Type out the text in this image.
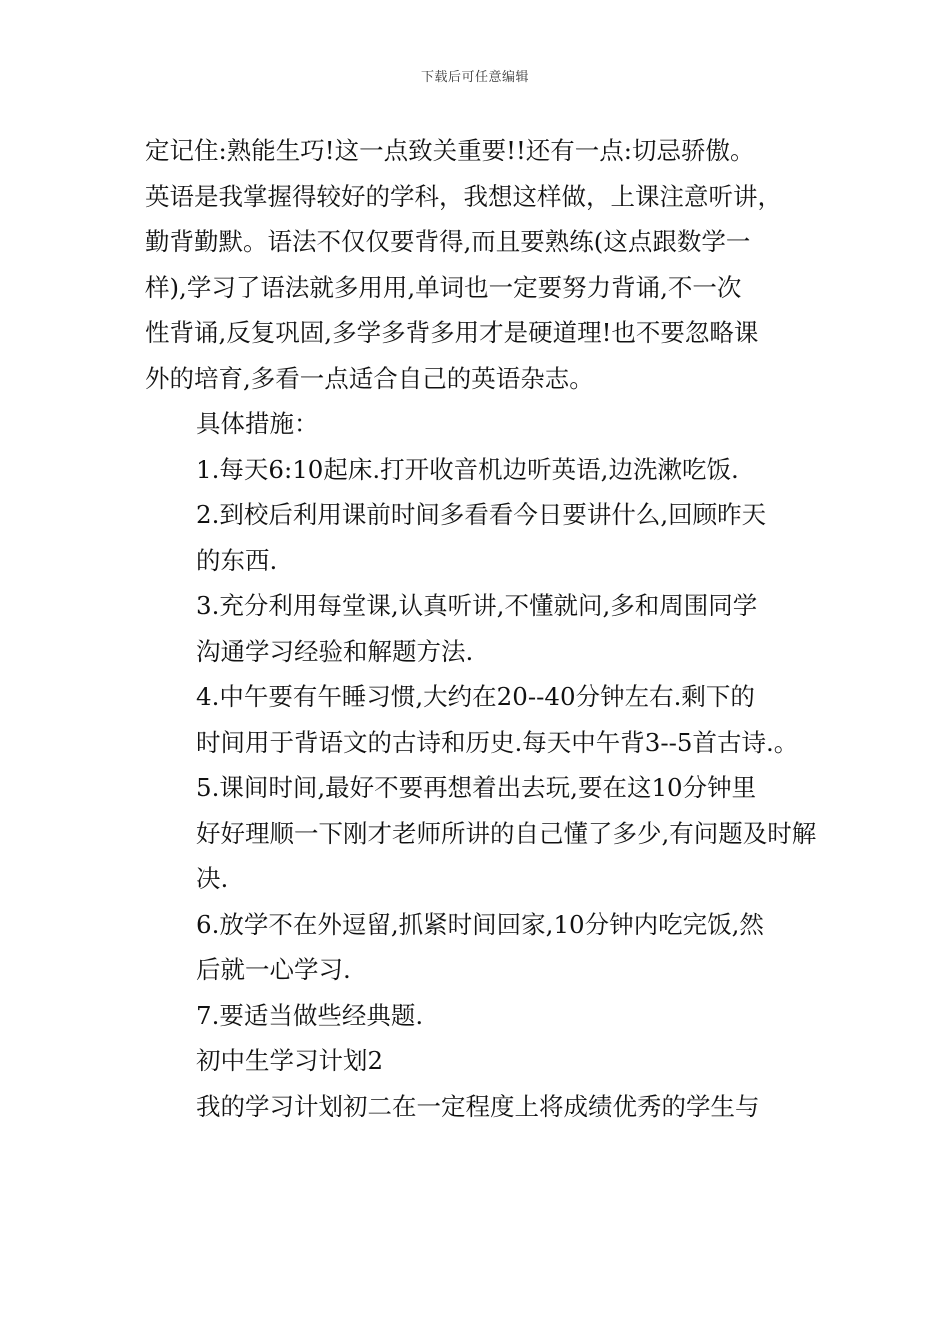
下载后可任意编辑

定记住:熟能生巧!这一点致关重要!!还有一点:切忌骄傲。

英语是我掌握得较好的学科，我想这样做，上课注意听讲，
勤背勤默。语法不仅仅要背得,而且要熟练(这点跟数学一
样),学习了语法就多用用,单词也一定要努力背诵,不一次
性背诵,反复巩固,多学多背多用才是硬道理!也不要忽略课
外的培育,多看一点适合自己的英语杂志。

具体措施：

1.每天6:10起床.打开收音机边听英语,边洗漱吃饭.

2.到校后利用课前时间多看看今日要讲什么,回顾昨天
的东西.

3.充分利用每堂课,认真听讲,不懂就问,多和周围同学
沟通学习经验和解题方法.

4.中午要有午睡习惯,大约在20--40分钟左右.剩下的
时间用于背语文的古诗和历史.每天中午背3--5首古诗.。

5.课间时间,最好不要再想着出去玩,要在这10分钟里
好好理顺一下刚才老师所讲的自己懂了多少,有问题及时解
决.

6.放学不在外逗留,抓紧时间回家,10分钟内吃完饭,然
后就一心学习.

7.要适当做些经典题.

初中生学习计划2

我的学习计划初二在一定程度上将成绩优秀的学生与
